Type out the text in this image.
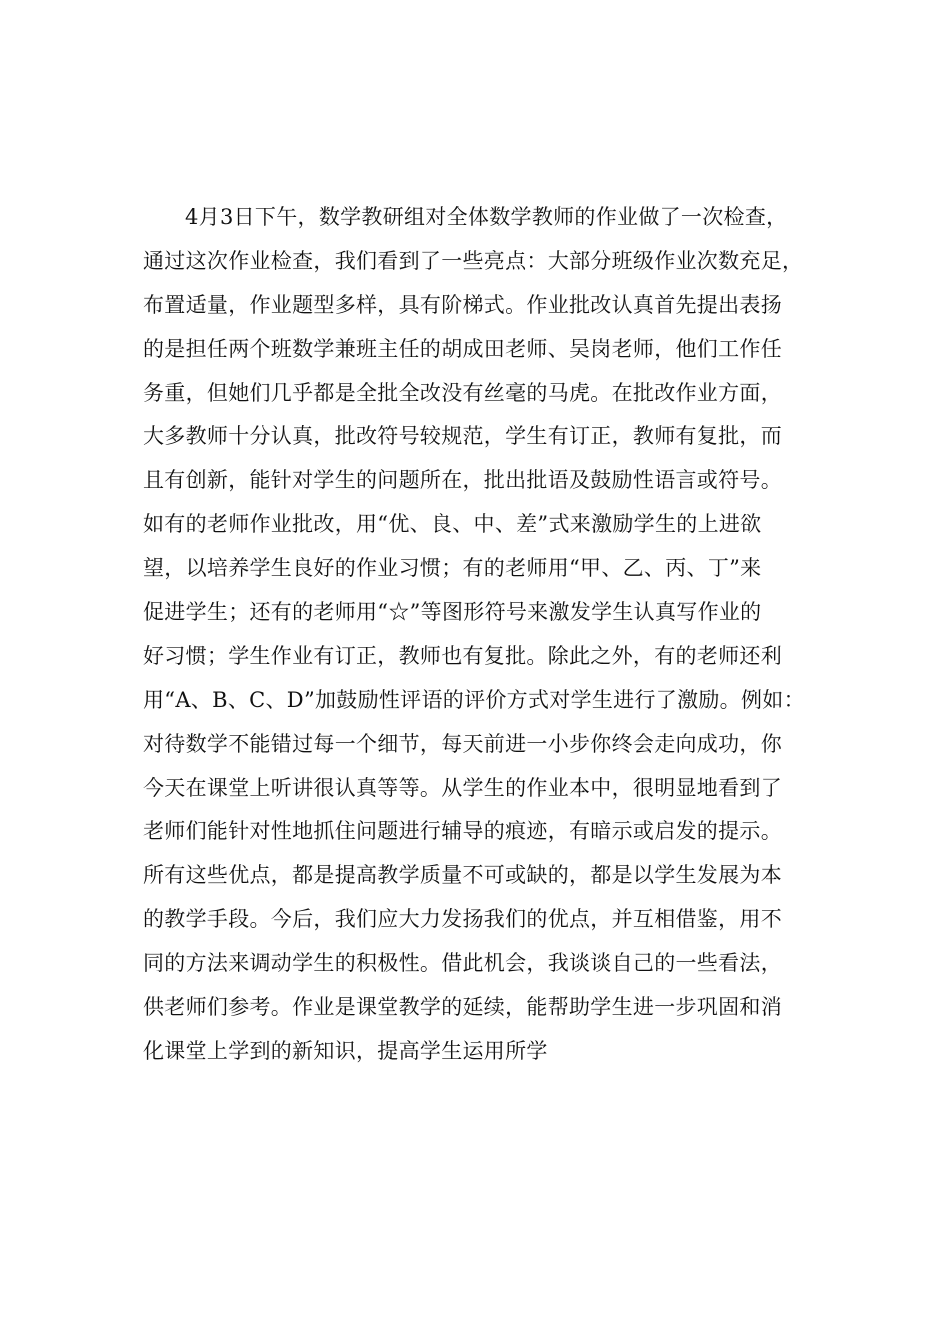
4月3日下午，数学教研组对全体数学教师的作业做了一次检查，
通过这次作业检查，我们看到了一些亮点：大部分班级作业次数充足，
布置适量，作业题型多样，具有阶梯式。作业批改认真首先提出表扬
的是担任两个班数学兼班主任的胡成田老师、吴岗老师，他们工作任
务重，但她们几乎都是全批全改没有丝毫的马虎。在批改作业方面，
大多教师十分认真，批改符号较规范，学生有订正，教师有复批，而
且有创新，能针对学生的问题所在，批出批语及鼓励性语言或符号。
如有的老师作业批改，用“优、良、中、差”式来激励学生的上进欲
望，以培养学生良好的作业习惯；有的老师用“甲、乙、丙、丁”来
促进学生；还有的老师用“☆”等图形符号来激发学生认真写作业的
好习惯；学生作业有订正，教师也有复批。除此之外，有的老师还利
用“A、B、C、D”加鼓励性评语的评价方式对学生进行了激励。例如：
对待数学不能错过每一个细节，每天前进一小步你终会走向成功，你
今天在课堂上听讲很认真等等。从学生的作业本中，很明显地看到了
老师们能针对性地抓住问题进行辅导的痕迹，有暗示或启发的提示。
所有这些优点，都是提高教学质量不可或缺的，都是以学生发展为本
的教学手段。今后，我们应大力发扬我们的优点，并互相借鉴，用不
同的方法来调动学生的积极性。借此机会，我谈谈自己的一些看法，
供老师们参考。作业是课堂教学的延续，能帮助学生进一步巩固和消
化课堂上学到的新知识，提高学生运用所学
